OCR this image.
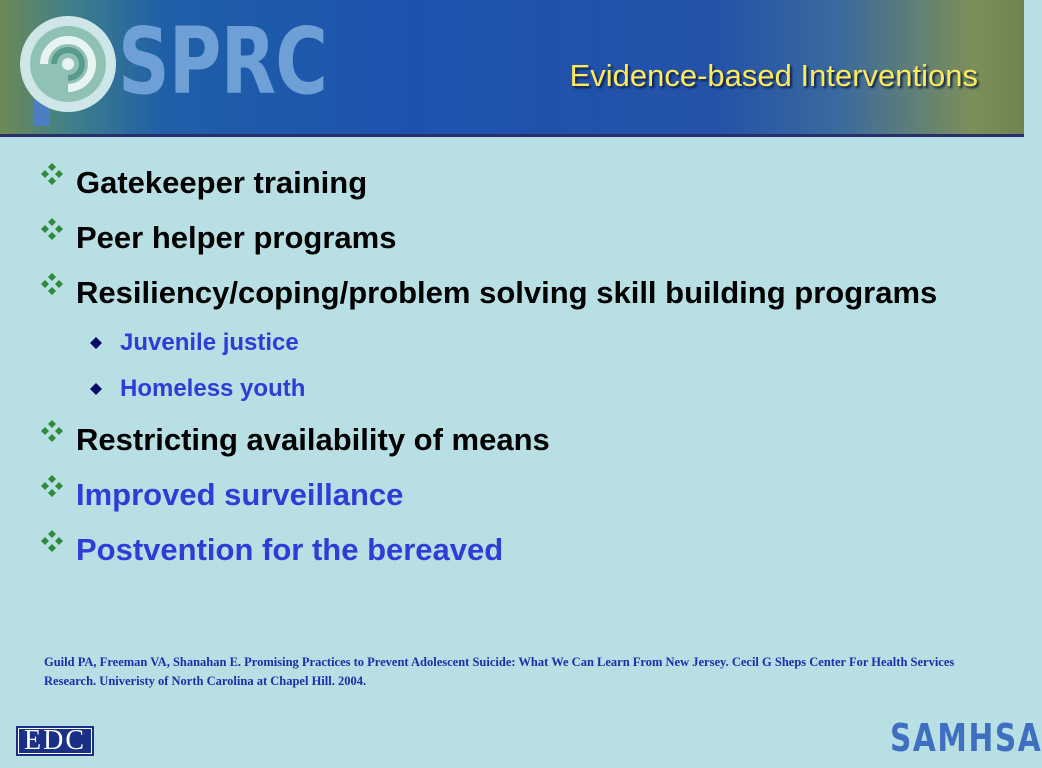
SPRC	Evidence-based Interventions
Gatekeeper training
Peer helper programs
Resiliency/coping/problem solving skill building programs
Juvenile justice
Homeless youth
Restricting availability of means
Improved surveillance
Postvention for the bereaved
Guild PA, Freeman VA, Shanahan E. Promising Practices to Prevent Adolescent Suicide: What We Can Learn From New Jersey. Cecil G Sheps Center For Health Services Research. Univeristy of North Carolina at Chapel Hill. 2004.
EDC	SAMHSA
